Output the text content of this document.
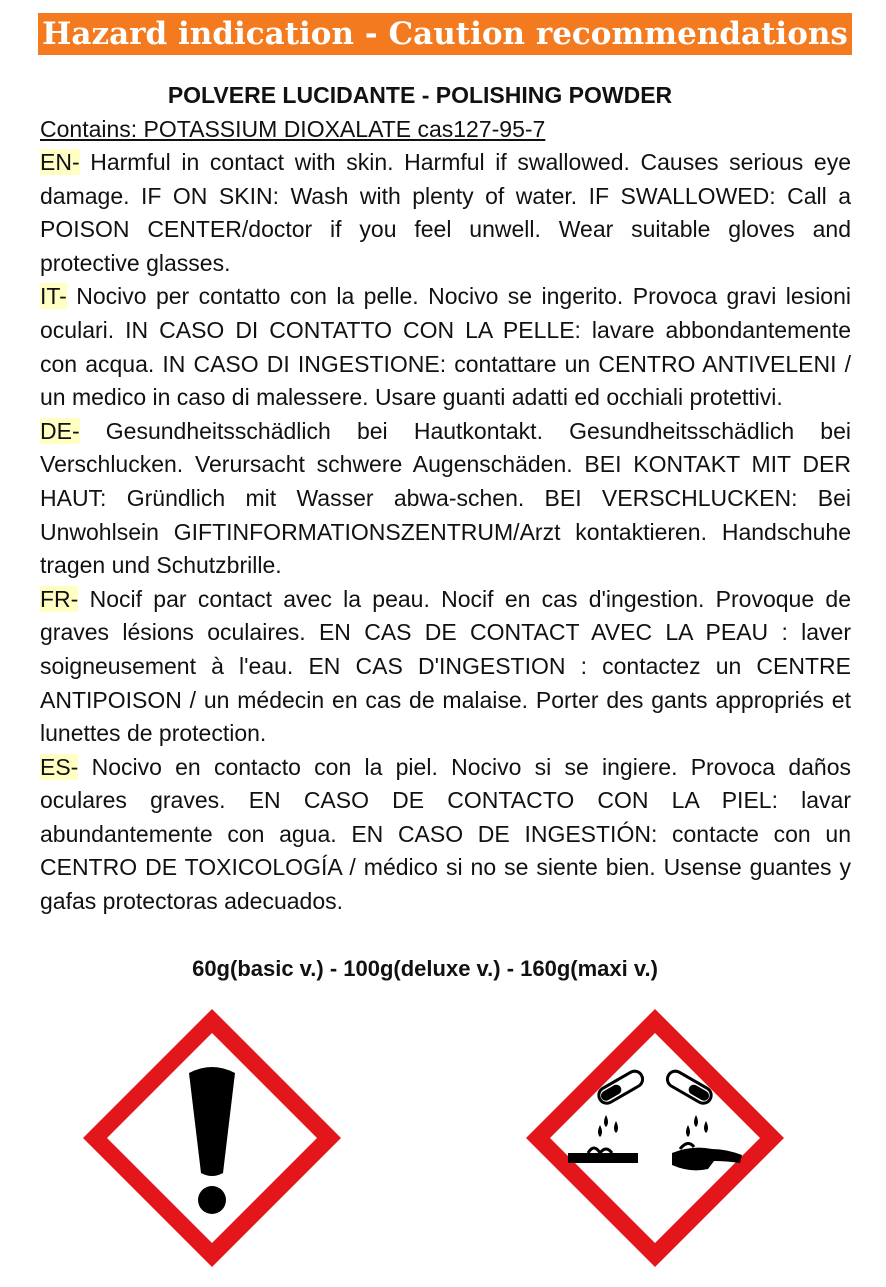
Hazard indication - Caution recommendations
POLVERE LUCIDANTE - POLISHING POWDER
Contains: POTASSIUM DIOXALATE cas127-95-7

EN- Harmful in contact with skin. Harmful if swallowed. Causes serious eye damage. IF ON SKIN: Wash with plenty of water. IF SWALLOWED: Call a POISON CENTER/doctor if you feel unwell. Wear suitable gloves and protective glasses.

IT- Nocivo per contatto con la pelle. Nocivo se ingerito. Provoca gravi lesioni oculari. IN CASO DI CONTATTO CON LA PELLE: lavare abbondantemente con acqua. IN CASO DI INGESTIONE: contattare un CENTRO ANTIVELENI / un medico in caso di malessere. Usare guanti adatti ed occhiali protettivi.

DE- Gesundheitsschädlich bei Hautkontakt. Gesundheitsschädlich bei Verschlucken. Verursacht schwere Augenschäden. BEI KONTAKT MIT DER HAUT: Gründlich mit Wasser abwa-schen. BEI VERSCHLUCKEN: Bei Unwohlsein GIFTINFORMATIONSZENTRUM/Arzt kontaktieren. Handschuhe tragen und Schutzbrille.

FR- Nocif par contact avec la peau. Nocif en cas d'ingestion. Provoque de graves lésions oculaires. EN CAS DE CONTACT AVEC LA PEAU : laver soigneusement à l'eau. EN CAS D'INGESTION : contactez un CENTRE ANTIPOISON / un médecin en cas de malaise. Porter des gants appropriés et lunettes de protection.

ES- Nocivo en contacto con la piel. Nocivo si se ingiere. Provoca daños oculares graves. EN CASO DE CONTACTO CON LA PIEL: lavar abundantemente con agua. EN CASO DE INGESTIÓN: contacte con un CENTRO DE TOXICOLOGÍA / médico si no se siente bien. Usense guantes y gafas protectoras adecuados.

60g(basic v.) - 100g(deluxe v.) - 160g(maxi v.)
